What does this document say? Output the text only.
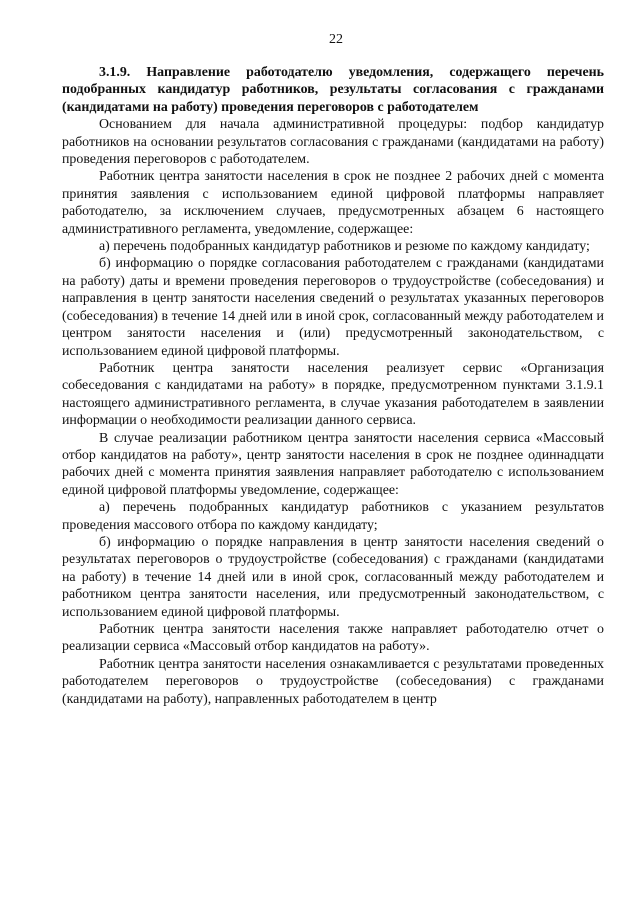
22

3.1.9. Направление работодателю уведомления, содержащего перечень подобранных кандидатур работников, результаты согласования с гражданами (кандидатами на работу) проведения переговоров с работодателем

Основанием для начала административной процедуры: подбор кандидатур работников на основании результатов согласования с гражданами (кандидатами на работу) проведения переговоров с работодателем.

Работник центра занятости населения в срок не позднее 2 рабочих дней с момента принятия заявления с использованием единой цифровой платформы направляет работодателю, за исключением случаев, предусмотренных абзацем 6 настоящего административного регламента, уведомление, содержащее:

а) перечень подобранных кандидатур работников и резюме по каждому кандидату;

б) информацию о порядке согласования работодателем с гражданами (кандидатами на работу) даты и времени проведения переговоров о трудоустройстве (собеседования) и направления в центр занятости населения сведений о результатах указанных переговоров (собеседования) в течение 14 дней или в иной срок, согласованный между работодателем и центром занятости населения и (или) предусмотренный законодательством, с использованием единой цифровой платформы.

Работник центра занятости населения реализует сервис «Организация собеседования с кандидатами на работу» в порядке, предусмотренном пунктами 3.1.9.1 настоящего административного регламента, в случае указания работодателем в заявлении информации о необходимости реализации данного сервиса.

В случае реализации работником центра занятости населения сервиса «Массовый отбор кандидатов на работу», центр занятости населения в срок не позднее одиннадцати рабочих дней с момента принятия заявления направляет работодателю с использованием единой цифровой платформы уведомление, содержащее:

а) перечень подобранных кандидатур работников с указанием результатов проведения массового отбора по каждому кандидату;

б) информацию о порядке направления в центр занятости населения сведений о результатах переговоров о трудоустройстве (собеседования) с гражданами (кандидатами на работу) в течение 14 дней или в иной срок, согласованный между работодателем и работником центра занятости населения, или предусмотренный законодательством, с использованием единой цифровой платформы.

Работник центра занятости населения также направляет работодателю отчет о реализации сервиса «Массовый отбор кандидатов на работу».

Работник центра занятости населения ознакамливается с результатами проведенных работодателем переговоров о трудоустройстве (собеседования) с гражданами (кандидатами на работу), направленных работодателем в центр
